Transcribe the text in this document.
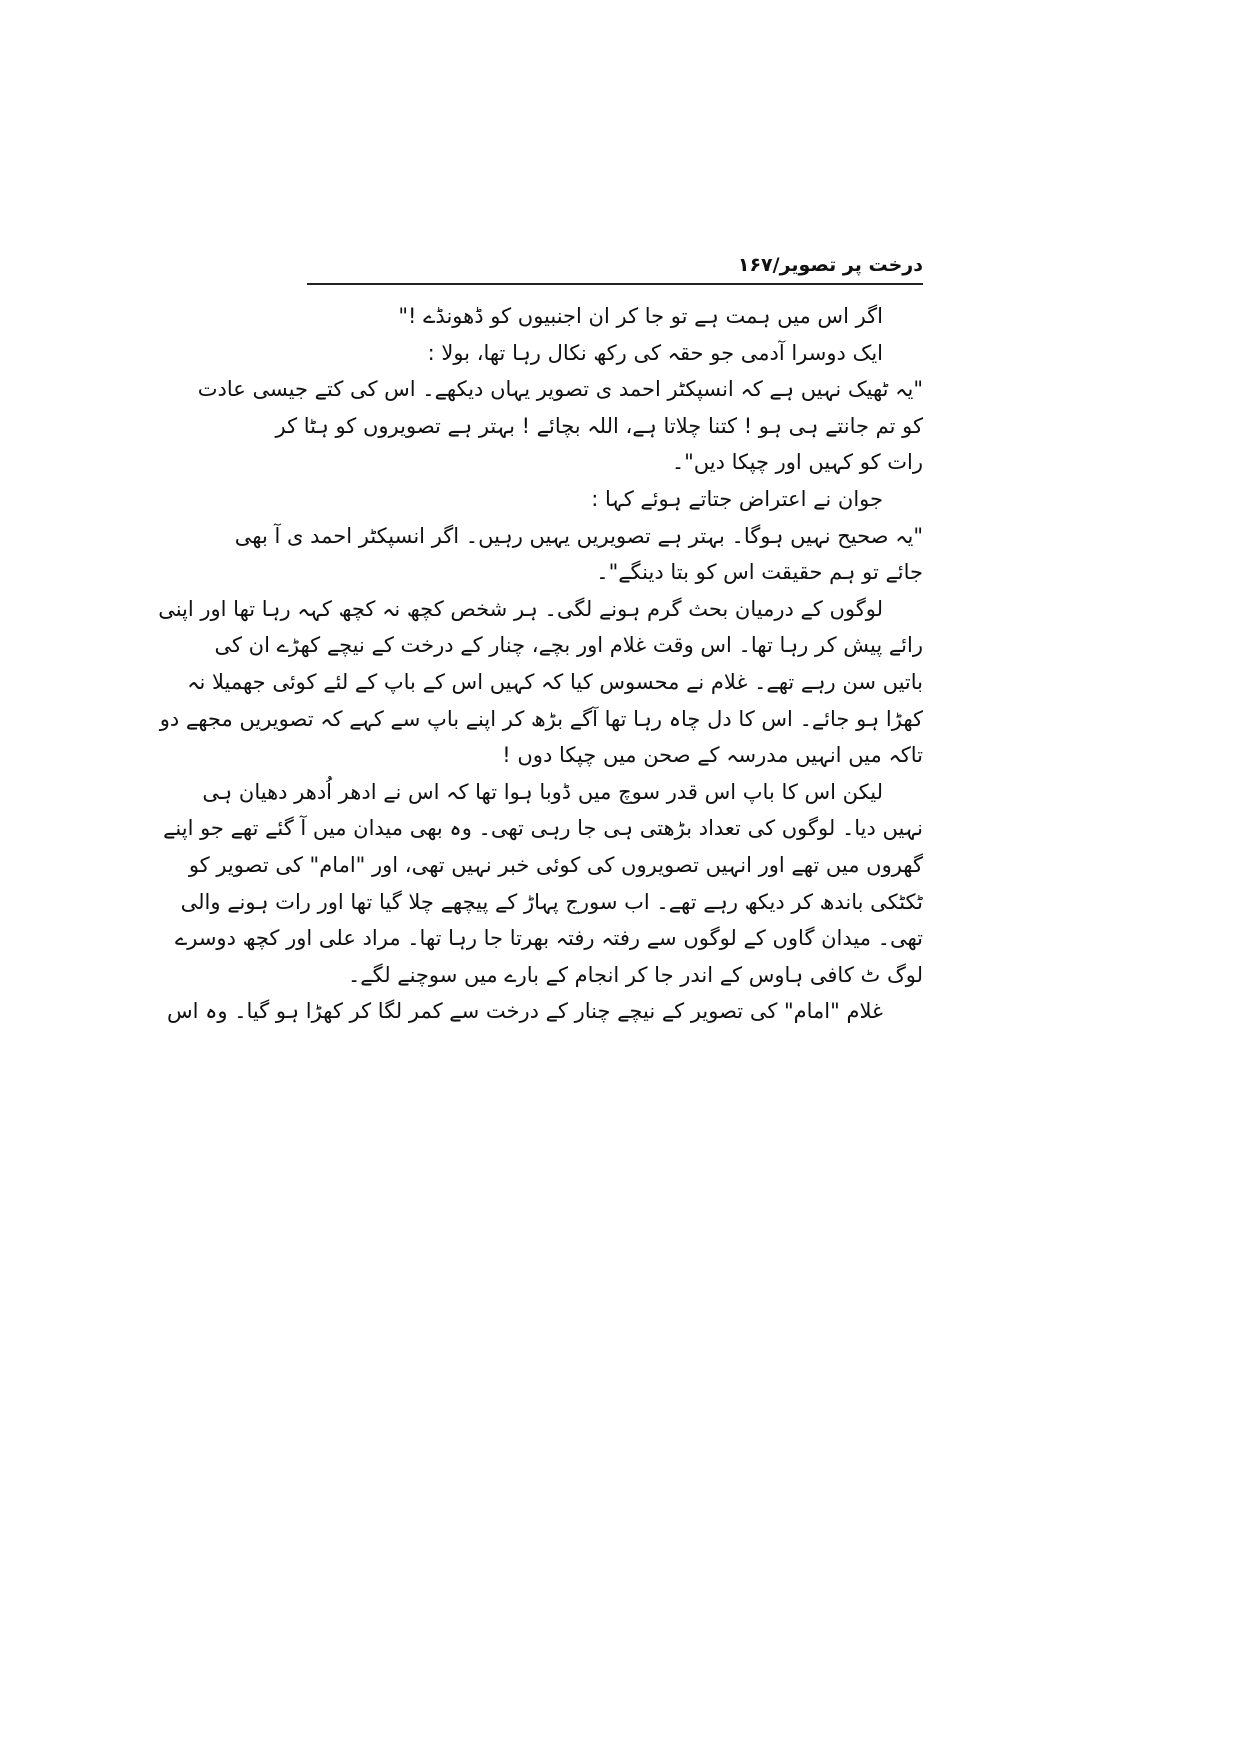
درخت پر تصویر/۱۶۷
اگر اس میں ہمت ہے تو جا کر ان اجنبیوں کو ڈھونڈے !"
ایک دوسرا آدمی جو حقہ کی رکھ نکال رہا تھا، بولا :
"یہ ٹھیک نہیں ہے کہ انسپکٹر احمد ی تصویر یہاں دیکھے۔ اس کی کتے جیسی عادت
کو تم جانتے ہی ہو ! کتنا چلاتا ہے، اللہ بچائے ! بہتر ہے تصویروں کو ہٹا کر
رات کو کہیں اور چپکا دیں"۔
جوان نے اعتراض جتاتے ہوئے کہا :
"یہ صحیح نہیں ہوگا۔ بہتر ہے تصویریں یہیں رہیں۔ اگر انسپکٹر احمد ی آ بھی
جائے تو ہم حقیقت اس کو بتا دینگے"۔
لوگوں کے درمیان بحث گرم ہونے لگی۔ ہر شخص کچھ نہ کچھ کہہ رہا تھا اور اپنی
رائے پیش کر رہا تھا۔ اس وقت غلام اور بچے، چنار کے درخت کے نیچے کھڑے ان کی
باتیں سن رہے تھے۔ غلام نے محسوس کیا کہ کہیں اس کے باپ کے لئے کوئی جھمیلا نہ
کھڑا ہو جائے۔ اس کا دل چاہ رہا تھا آگے بڑھ کر اپنے باپ سے کہے کہ تصویریں مجھے دو
تاکہ میں انہیں مدرسہ کے صحن میں چپکا دوں !
لیکن اس کا باپ اس قدر سوچ میں ڈوبا ہوا تھا کہ اس نے ادھر اُدھر دھیان ہی
نہیں دیا۔ لوگوں کی تعداد بڑھتی ہی جا رہی تھی۔ وہ بھی میدان میں آ گئے تھے جو اپنے
گھروں میں تھے اور انہیں تصویروں کی کوئی خبر نہیں تھی، اور "امام" کی تصویر کو
ٹکٹکی باندھ کر دیکھ رہے تھے۔ اب سورج پہاڑ کے پیچھے چلا گیا تھا اور رات ہونے والی
تھی۔ میدان گاوں کے لوگوں سے رفتہ رفتہ بھرتا جا رہا تھا۔ مراد علی اور کچھ دوسرے
لوگ ٹ کافی ہاوس کے اندر جا کر انجام کے بارے میں سوچنے لگے۔
غلام "امام" کی تصویر کے نیچے چنار کے درخت سے کمر لگا کر کھڑا ہو گیا۔ وہ اس
